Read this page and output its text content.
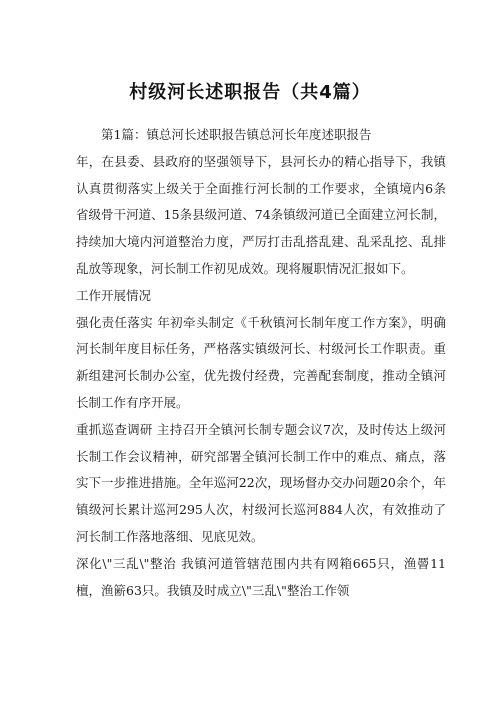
村级河长述职报告（共4篇）

第1篇：镇总河长述职报告镇总河长年度述职报告

年，在县委、县政府的坚强领导下，县河长办的精心指导下，我镇认真贯彻落实上级关于全面推行河长制的工作要求，全镇境内6条省级骨干河道、15条县级河道、74条镇级河道已全面建立河长制，持续加大境内河道整治力度，严厉打击乱搭乱建、乱采乱挖、乱排乱放等现象，河长制工作初见成效。现将履职情况汇报如下。

工作开展情况

强化责任落实 年初牵头制定《千秋镇河长制年度工作方案》，明确河长制年度目标任务，严格落实镇级河长、村级河长工作职责。重新组建河长制办公室，优先拨付经费，完善配套制度，推动全镇河长制工作有序开展。

重抓巡查调研 主持召开全镇河长制专题会议7次，及时传达上级河长制工作会议精神，研究部署全镇河长制工作中的难点、痛点，落实下一步推进措施。全年巡河22次，现场督办交办问题20余个，年镇级河长累计巡河295人次，村级河长巡河884人次，有效推动了河长制工作落地落细、见底见效。

深化\"三乱\"整治 我镇河道管辖范围内共有网箱665只，渔罾11檀，渔簖63只。我镇及时成立\"三乱\"整治工作领
